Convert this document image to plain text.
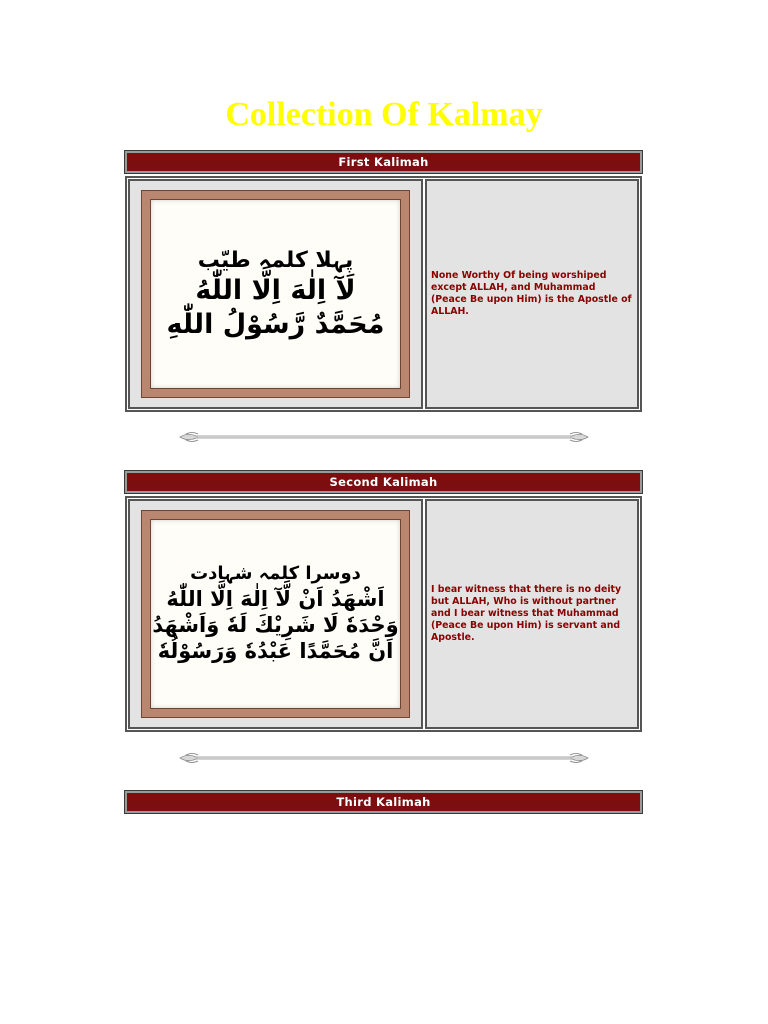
Collection Of Kalmay
First Kalimah
پہلا کلمہ طیّب
لَآ اِلٰهَ اِلَّا اللّٰهُ
مُحَمَّدٌ رَّسُوْلُ اللّٰهِ

None Worthy Of being worshiped except ALLAH, and Muhammad (Peace Be upon Him) is the Apostle of ALLAH.

Second Kalimah
دوسرا کلمہ شہادت
اَشْهَدُ اَنْ لَّآ اِلٰهَ اِلَّا اللّٰهُ
وَحْدَهٗ لَا شَرِيْكَ لَهٗ وَاَشْهَدُ
اَنَّ مُحَمَّدًا عَبْدُهٗ وَرَسُوْلُهٗ

I bear witness that there is no deity but ALLAH, Who is without partner and I bear witness that Muhammad (Peace Be upon Him) is servant and Apostle.

Third Kalimah
